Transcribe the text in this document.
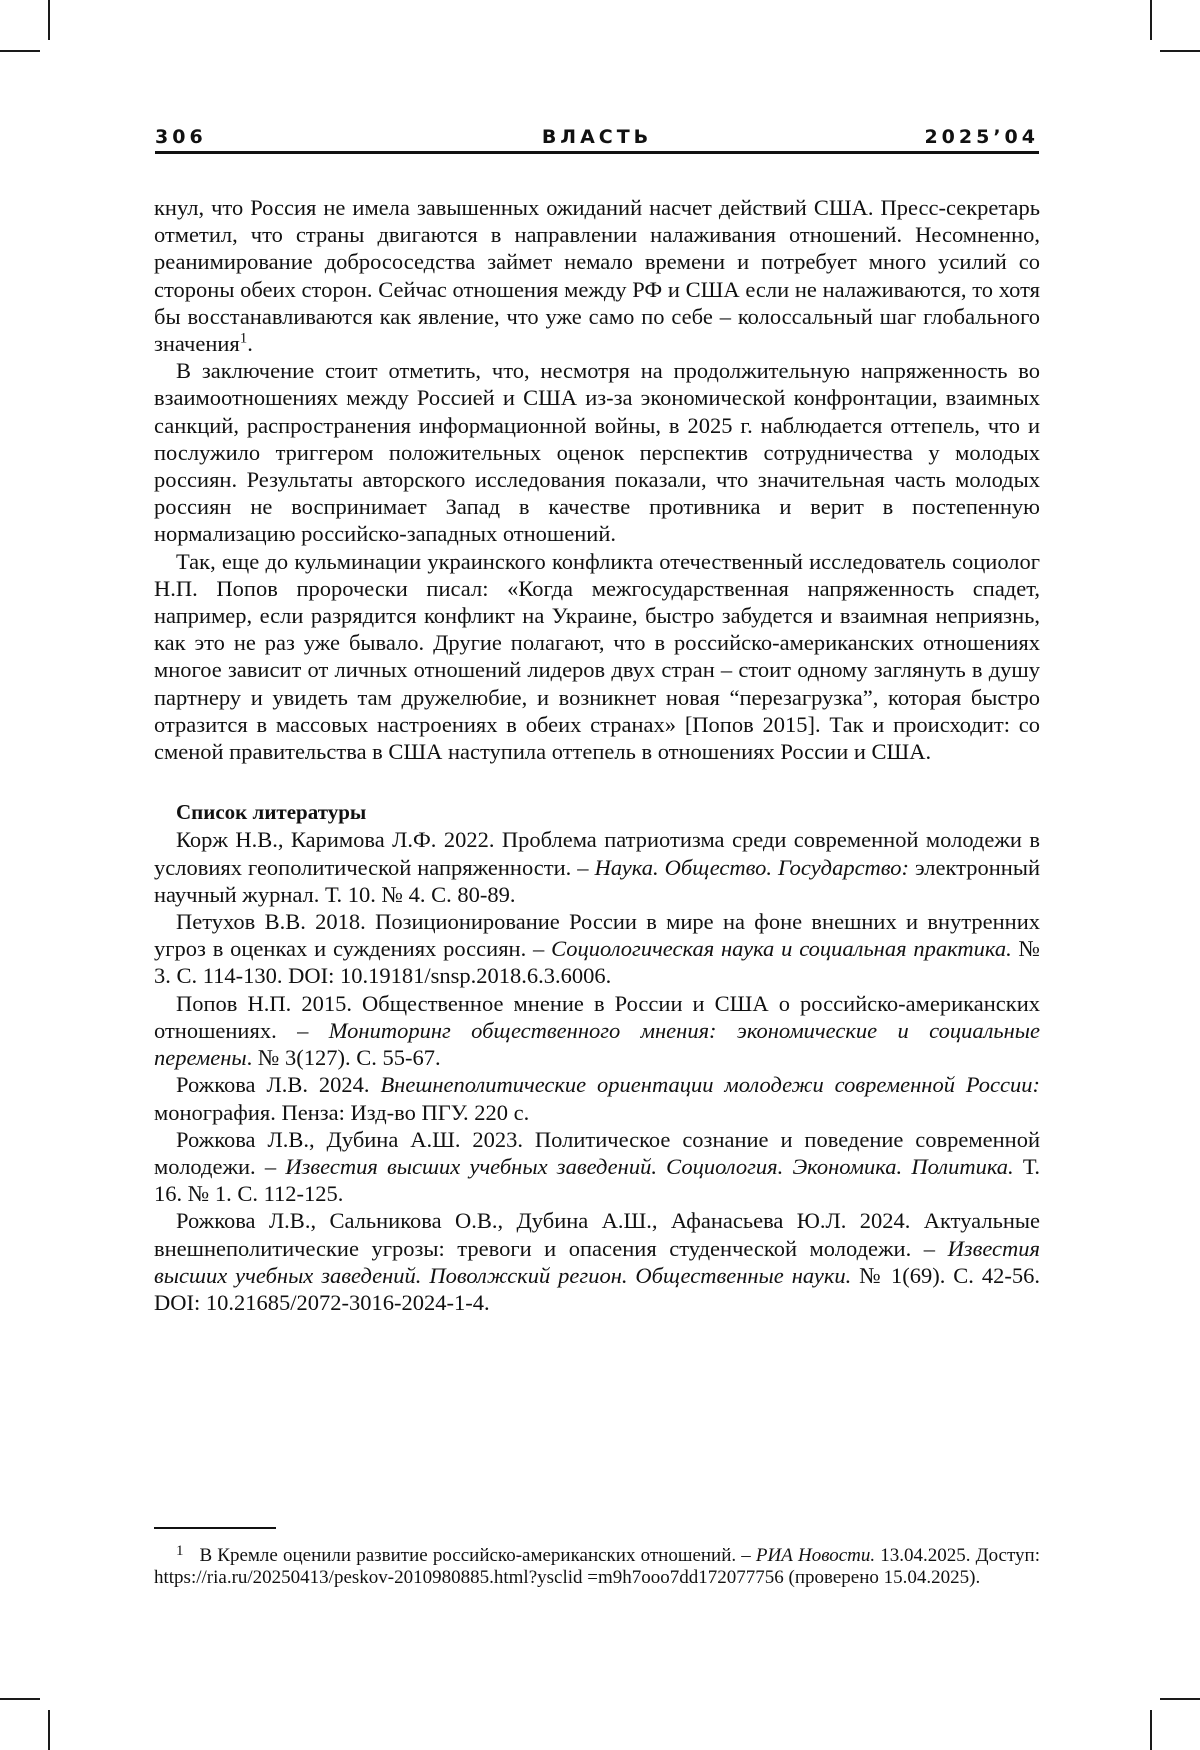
306	ВЛАСТЬ	2025’04

кнул, что Россия не имела завышенных ожиданий насчет действий США. Пресс-секретарь отметил, что страны двигаются в направлении налаживания отношений. Несомненно, реанимирование добрососедства займет немало времени и потребует много усилий со стороны обеих сторон. Сейчас отношения между РФ и США если не налаживаются, то хотя бы восстанавливаются как явление, что уже само по себе – колоссальный шаг глобального значения1.

В заключение стоит отметить, что, несмотря на продолжительную напряженность во взаимоотношениях между Россией и США из-за экономической конфронтации, взаимных санкций, распространения информационной войны, в 2025 г. наблюдается оттепель, что и послужило триггером положительных оценок перспектив сотрудничества у молодых россиян. Результаты авторского исследования показали, что значительная часть молодых россиян не воспринимает Запад в качестве противника и верит в постепенную нормализацию российско-западных отношений.

Так, еще до кульминации украинского конфликта отечественный исследователь социолог Н.П. Попов пророчески писал: «Когда межгосударственная напряженность спадет, например, если разрядится конфликт на Украине, быстро забудется и взаимная неприязнь, как это не раз уже бывало. Другие полагают, что в российско-американских отношениях многое зависит от личных отношений лидеров двух стран – стоит одному заглянуть в душу партнеру и увидеть там дружелюбие, и возникнет новая “перезагрузка”, которая быстро отразится в массовых настроениях в обеих странах» [Попов 2015]. Так и происходит: со сменой правительства в США наступила оттепель в отношениях России и США.

Список литературы

Корж Н.В., Каримова Л.Ф. 2022. Проблема патриотизма среди современной молодежи в условиях геополитической напряженности. – Наука. Общество. Государство: электронный научный журнал. Т. 10. № 4. С. 80-89.

Петухов В.В. 2018. Позиционирование России в мире на фоне внешних и внутренних угроз в оценках и суждениях россиян. – Социологическая наука и социальная практика. № 3. С. 114-130. DOI: 10.19181/snsp.2018.6.3.6006.

Попов Н.П. 2015. Общественное мнение в России и США о российско-американских отношениях. – Мониторинг общественного мнения: экономические и социальные перемены. № 3(127). С. 55-67.

Рожкова Л.В. 2024. Внешнеполитические ориентации молодежи современной России: монография. Пенза: Изд-во ПГУ. 220 с.

Рожкова Л.В., Дубина А.Ш. 2023. Политическое сознание и поведение современной молодежи. – Известия высших учебных заведений. Социология. Экономика. Политика. Т. 16. № 1. С. 112-125.

Рожкова Л.В., Сальникова О.В., Дубина А.Ш., Афанасьева Ю.Л. 2024. Актуальные внешнеполитические угрозы: тревоги и опасения студенческой молодежи. – Известия высших учебных заведений. Поволжский регион. Общественные науки. № 1(69). С. 42-56. DOI: 10.21685/2072-3016-2024-1-4.

1 В Кремле оценили развитие российско-американских отношений. – РИА Новости. 13.04.2025. Доступ: https://ria.ru/20250413/peskov-2010980885.html?ysclid =m9h7ooo7dd172077756 (проверено 15.04.2025).
